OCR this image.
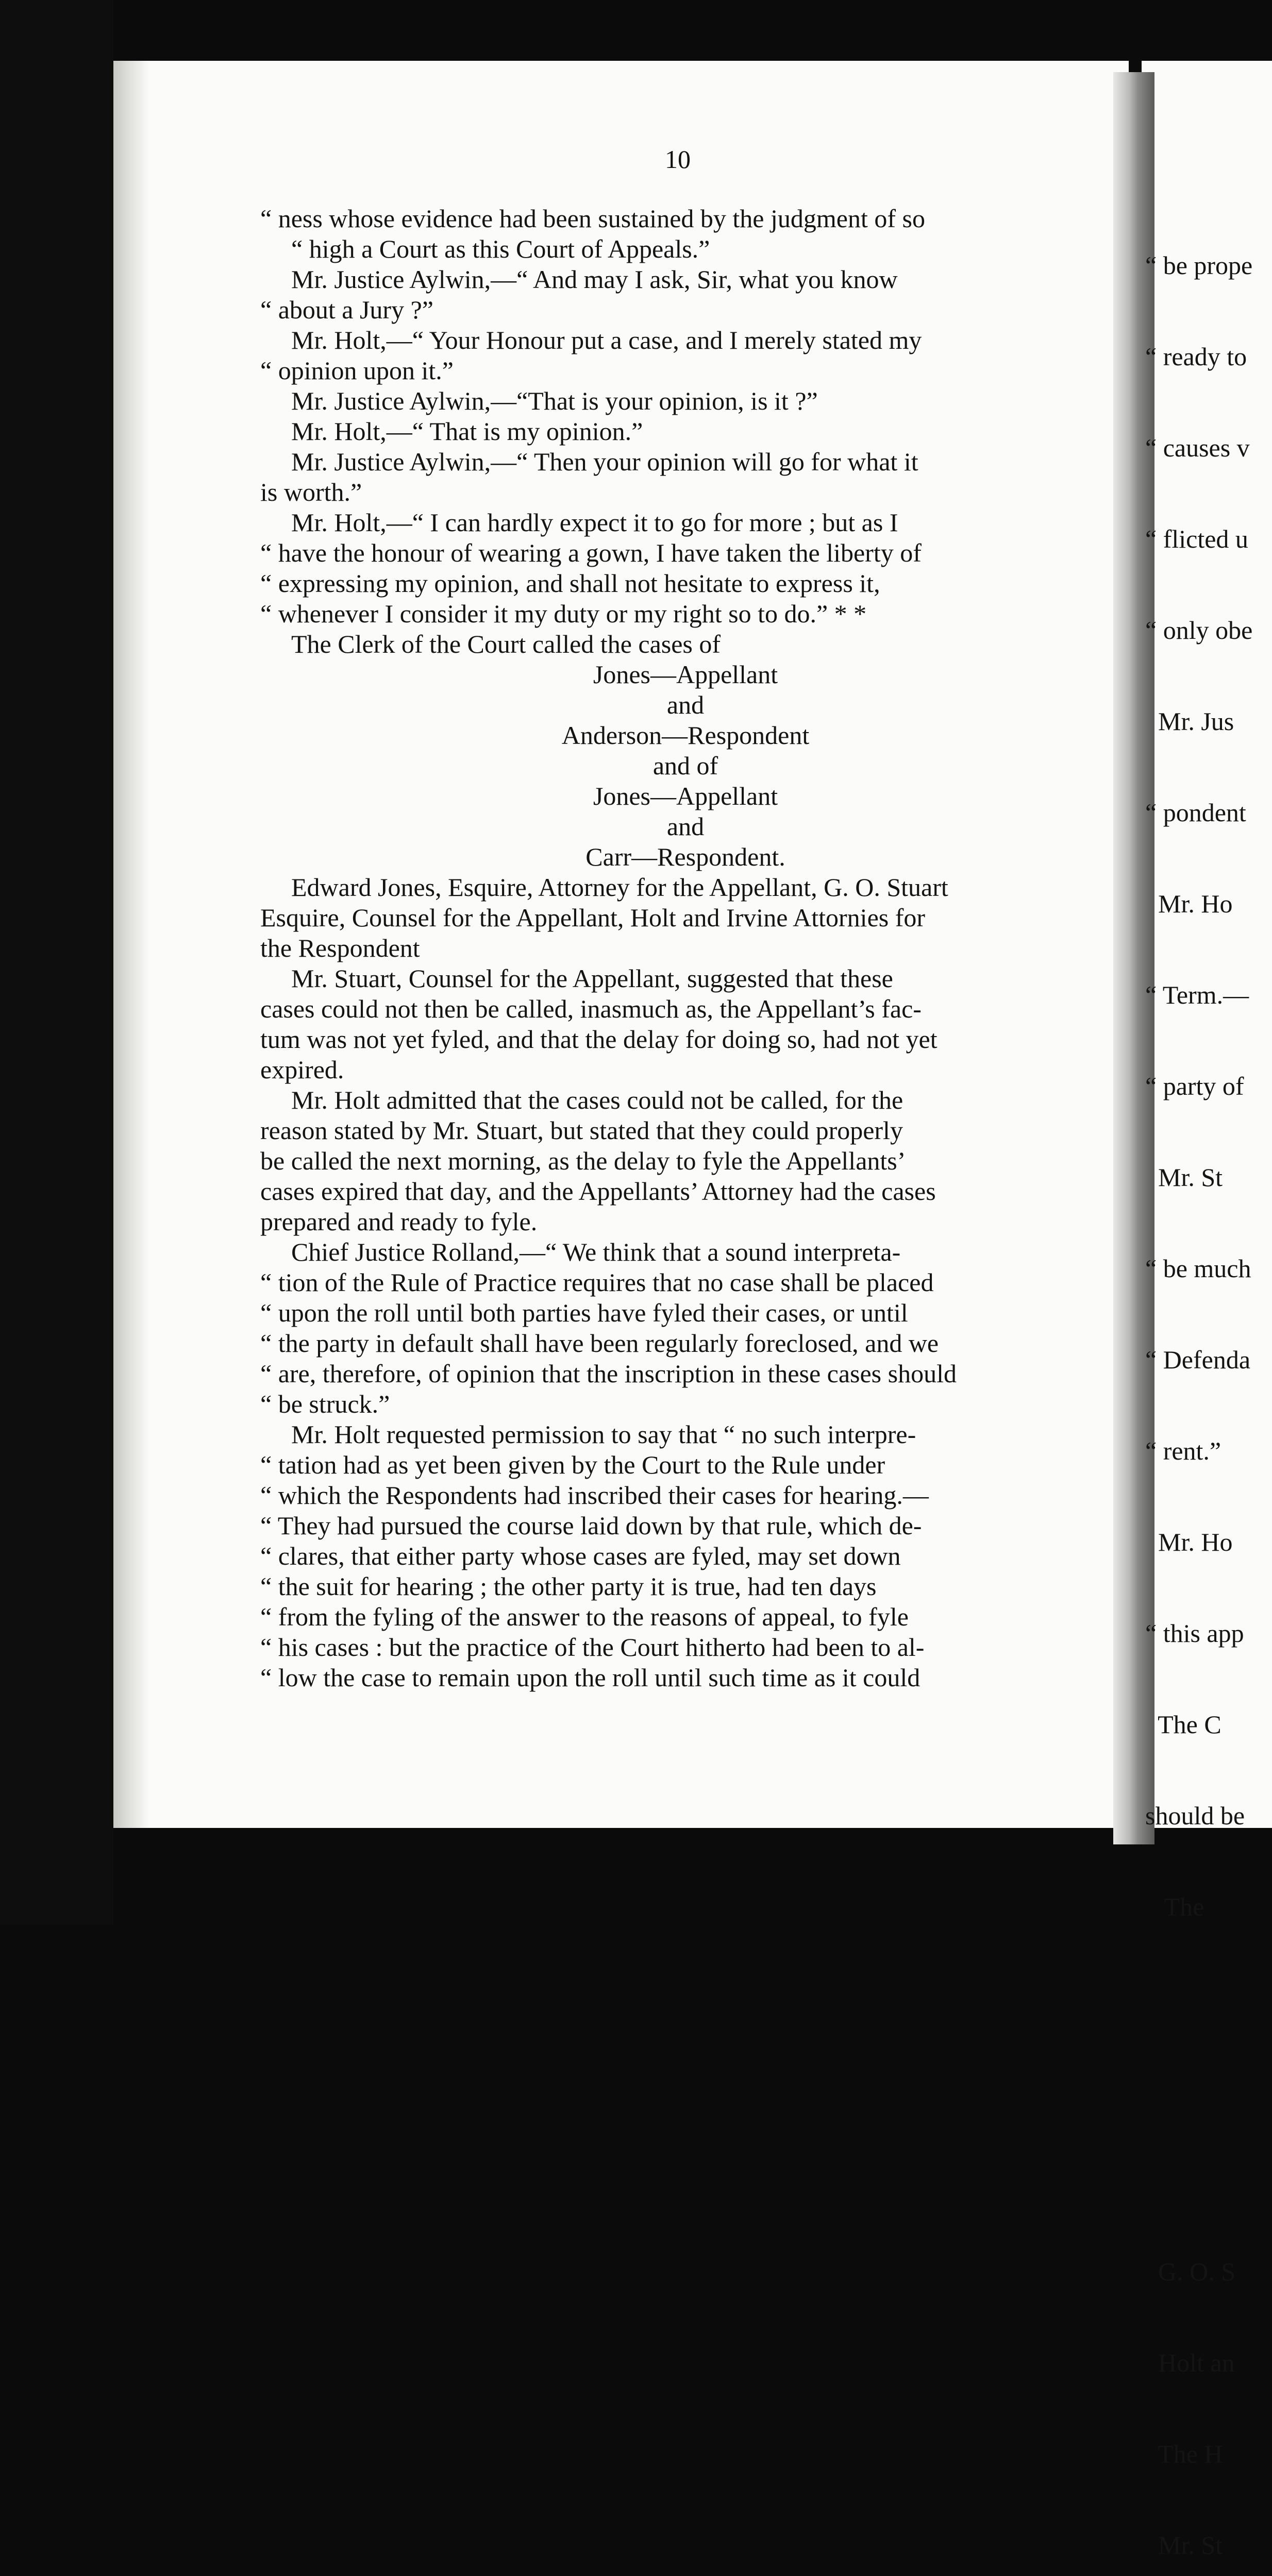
10
“ ness whose evidence had been sustained by the judgment of so
“ high a Court as this Court of Appeals.”
Mr. Justice Aylwin,—“ And may I ask, Sir, what you know
“ about a Jury ?”
Mr. Holt,—“ Your Honour put a case, and I merely stated my
“ opinion upon it.”
Mr. Justice Aylwin,—“That is your opinion, is it ?”
Mr. Holt,—“ That is my opinion.”
Mr. Justice Aylwin,—“ Then your opinion will go for what it
is worth.”
Mr. Holt,—“ I can hardly expect it to go for more ; but as I
“ have the honour of wearing a gown, I have taken the liberty of
“ expressing my opinion, and shall not hesitate to express it,
“ whenever I consider it my duty or my right so to do.” * *
The Clerk of the Court called the cases of
Jones—Appellant
and
Anderson—Respondent
and of
Jones—Appellant
and
Carr—Respondent.
Edward Jones, Esquire, Attorney for the Appellant, G. O. Stuart
Esquire, Counsel for the Appellant, Holt and Irvine Attornies for
the Respondent
Mr. Stuart, Counsel for the Appellant, suggested that these
cases could not then be called, inasmuch as, the Appellant’s fac-
tum was not yet fyled, and that the delay for doing so, had not yet
expired.
Mr. Holt admitted that the cases could not be called, for the
reason stated by Mr. Stuart, but stated that they could properly
be called the next morning, as the delay to fyle the Appellants’
cases expired that day, and the Appellants’ Attorney had the cases
prepared and ready to fyle.
Chief Justice Rolland,—“ We think that a sound interpreta-
“ tion of the Rule of Practice requires that no case shall be placed
“ upon the roll until both parties have fyled their cases, or until
“ the party in default shall have been regularly foreclosed, and we
“ are, therefore, of opinion that the inscription in these cases should
“ be struck.”
Mr. Holt requested permission to say that “ no such interpre-
“ tation had as yet been given by the Court to the Rule under
“ which the Respondents had inscribed their cases for hearing.—
“ They had pursued the course laid down by that rule, which de-
“ clares, that either party whose cases are fyled, may set down
“ the suit for hearing ; the other party it is true, had ten days
“ from the fyling of the answer to the reasons of appeal, to fyle
“ his cases : but the practice of the Court hitherto had been to al-
“ low the case to remain upon the roll until such time as it could

“ be prope

“ ready to

“ causes v

“ flicted u

“ only obe

Mr. Jus

“ pondent

Mr. Ho

“ Term.—

“ party of

Mr. St

“ be much

“ Defenda

“ rent.”

Mr. Ho

“ this app

The C

should be

The

G. O. S

Holt an

The H

Mr. St
